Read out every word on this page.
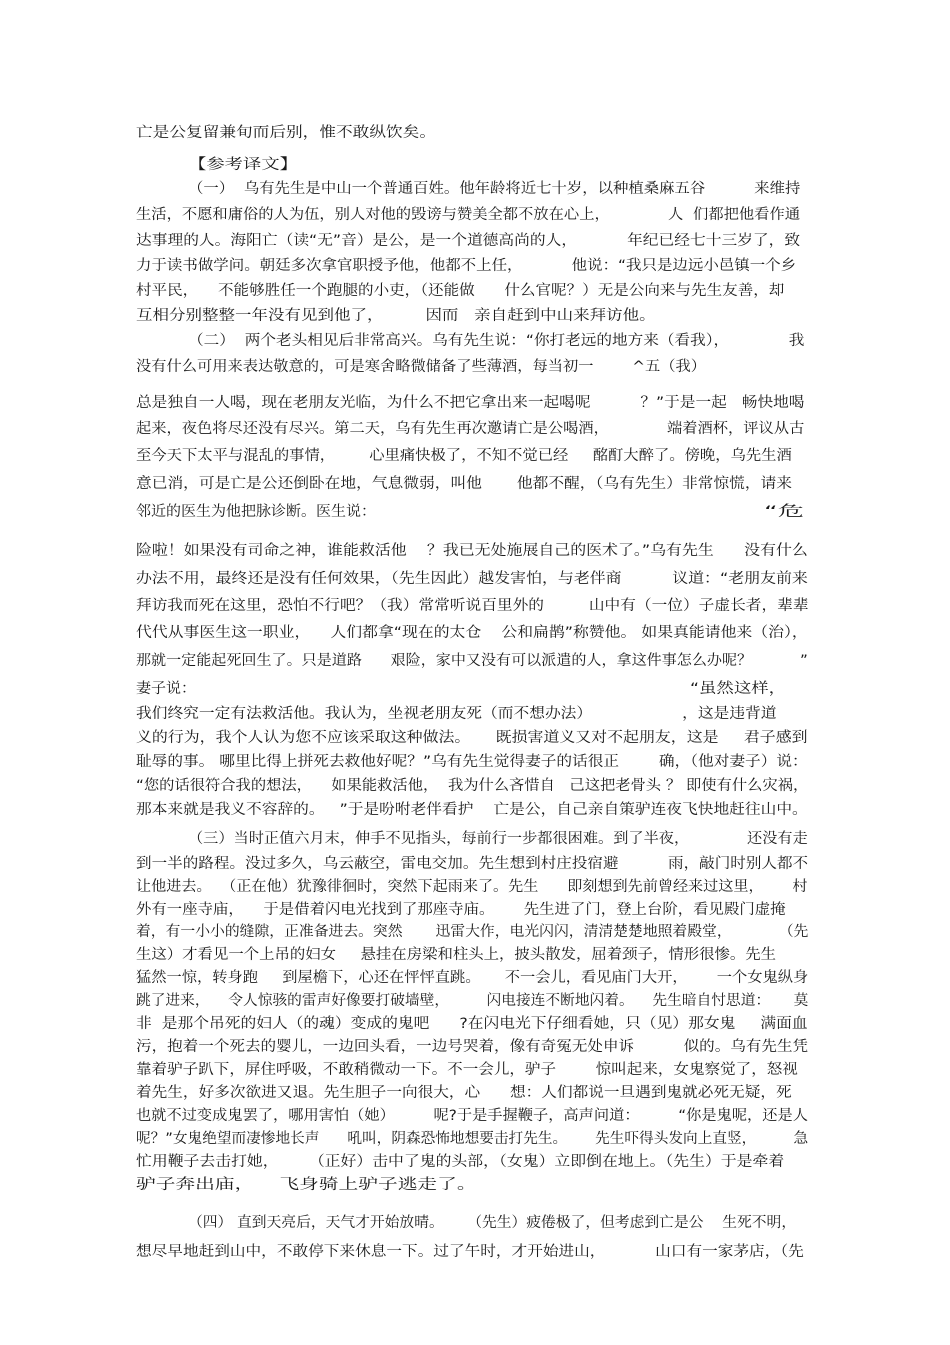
亡是公复留兼旬而后别，惟不敢纵饮矣。
【参考译文】
（一）  乌有先生是中山一个普通百姓。他年龄将近七十岁，以种植桑麻五谷          来维持
生活，不愿和庸俗的人为伍，别人对他的毁谤与赞美全都不放在心上，            人  们都把他看作通
达事理的人。海阳亡（读“无”音）是公，是一个道德高尚的人，          年纪已经七十三岁了，致
力于读书做学问。朝廷多次拿官职授予他，他都不上任，          他说：“我只是边远小邑镇一个乡
村平民，    不能够胜任一个跑腿的小吏，（还能做      什么官呢？）无是公向来与先生友善，却
互相分别整整一年没有见到他了，        因而   亲自赶到中山来拜访他。
（二）  两个老头相见后非常高兴。乌有先生说：“你打老远的地方来（看我），            我
没有什么可用来表达敬意的，可是寒舍略微储备了些薄酒，每当初一        ^五（我）
总是独自一人喝，现在老朋友光临，为什么不把它拿出来一起喝呢          ？”于是一起   畅快地喝
起来，夜色将尽还没有尽兴。第二天，乌有先生再次邀请亡是公喝酒，            端着酒杯，评议从古
至今天下太平与混乱的事情，       心里痛快极了，不知不觉已经     酩酊大醉了。傍晚，乌先生酒
意已消，可是亡是公还倒卧在地，气息微弱，叫他       他都不醒，（乌有先生）非常惊慌，请来
邻近的医生为他把脉诊断。医生说：	“危
险啦！如果没有司命之神，谁能救活他    ？我已无处施展自己的医术了。”乌有先生      没有什么
办法不用，最终还是没有任何效果，（先生因此）越发害怕，与老伴商          议道：“老朋友前来
拜访我而死在这里，恐怕不行吧？（我）常常听说百里外的         山中有（一位）子虚长者，辈辈
代代从事医生这一职业，    人们都拿“现在的太仓    公和扁鹊”称赞他。 如果真能请他来（治），
那就一定能起死回生了。只是道路      艰险，家中又没有可以派遣的人，拿这件事怎么办呢？          ”
妻子说：	“虽然这样，
我们终究一定有法救活他。我认为，坐视老朋友死（而不想办法）                  ，这是违背道
义的行为，我个人认为您不应该采取这种做法。     既损害道义又对不起朋友，这是     君子感到
耻辱的事。 哪里比得上拼死去救他好呢？”乌有先生觉得妻子的话很正        确，（他对妻子）说：
“您的话很符合我的想法，    如果能救活他，  我为什么吝惜自   己这把老骨头 ？ 即使有什么灾祸，
那本来就是我义不容辞的。   ”于是吩咐老伴看护    亡是公，自己亲自策驴连夜飞快地赶往山中。
（三）当时正值六月末，伸手不见指头，每前行一步都很困难。到了半夜，            还没有走
到一半的路程。没过多久，乌云蔽空，雷电交加。先生想到村庄投宿避          雨，敲门时别人都不
让他进去。  （正在他）犹豫徘徊时，突然下起雨来了。先生      即刻想到先前曾经来过这里，      村
外有一座寺庙，    于是借着闪电光找到了那座寺庙。      先生进了门，登上台阶，看见殿门虚掩
着，有一小小的缝隙，正准备进去。突然       迅雷大作，电光闪闪，清清楚楚地照着殿堂，          （先
生这）才看见一个上吊的妇女     悬挂在房梁和柱头上，披头散发，屈着颈子，情形很惨。先生
猛然一惊，转身跑     到屋檐下，心还在怦怦直跳。     不一会儿，看见庙门大开，      一个女鬼纵身
跳了进来，    令人惊骇的雷声好像要打破墙壁，        闪电接连不断地闪着。    先生暗自忖思道：     莫
非  是那个吊死的妇人（的魂）变成的鬼吧      ?在闪电光下仔细看她，只（见）那女鬼     满面血
污，抱着一个死去的婴儿，一边回头看，一边号哭着，像有奇冤无处申诉          似的。乌有先生凭
靠着驴子趴下，屏住呼吸，不敢稍微动一下。不一会儿，驴子        惊叫起来，女鬼察觉了，怒视
着先生，好多次欲进又退。先生胆子一向很大，心      想：人们都说一旦遇到鬼就必死无疑，死
也就不过变成鬼罢了，哪用害怕（她）        呢?于是手握鞭子，高声问道：        “你是鬼呢，还是人
呢？”女鬼绝望而凄惨地长声      吼叫，阴森恐怖地想要击打先生。      先生吓得头发向上直竖，        急
忙用鞭子去击打她，      （正好）击中了鬼的头部，（女鬼）立即倒在地上。（先生）于是牵着
驴子奔出庙，    飞身骑上驴子逃走了。
（四） 直到天亮后，天气才开始放晴。     （先生）疲倦极了，但考虑到亡是公    生死不明，
想尽早地赶到山中，不敢停下来休息一下。过了午时，才开始进山，          山口有一家茅店，（先
